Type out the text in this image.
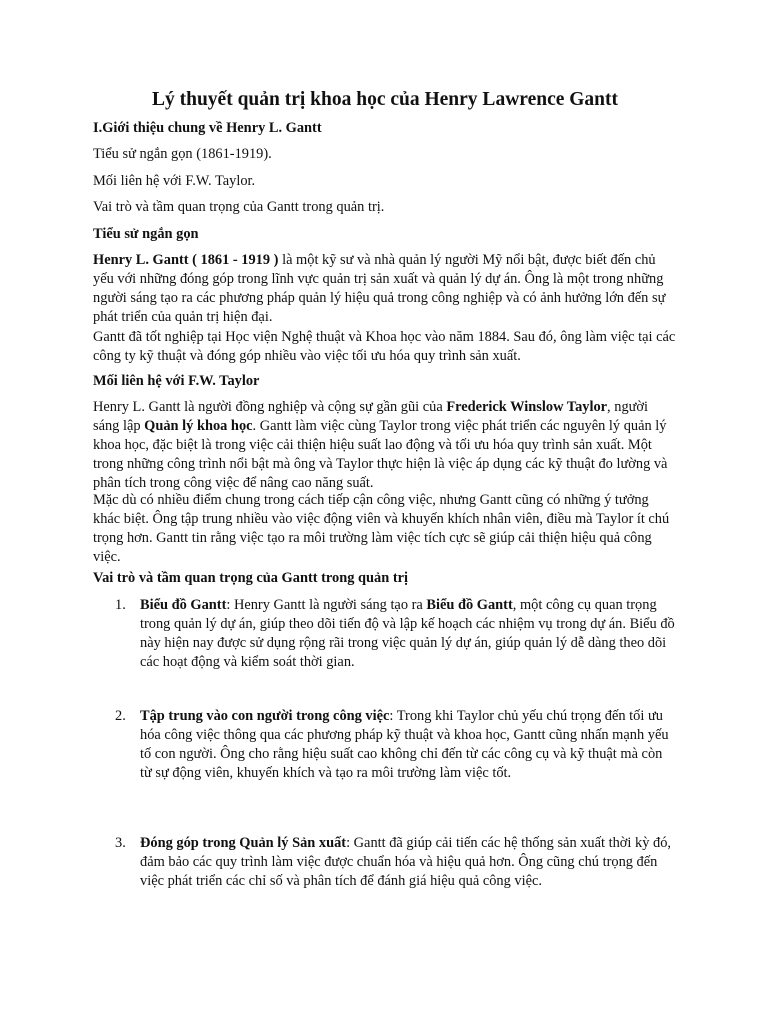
Lý thuyết quản trị khoa học của Henry Lawrence Gantt

I.Giới thiệu chung về Henry L. Gantt

Tiểu sử ngắn gọn (1861-1919).

Mối liên hệ với F.W. Taylor.

Vai trò và tầm quan trọng của Gantt trong quản trị.

Tiểu sử ngắn gọn

Henry L. Gantt ( 1861 - 1919 ) là một kỹ sư và nhà quản lý người Mỹ nổi bật, được biết đến chủ yếu với những đóng góp trong lĩnh vực quản trị sản xuất và quản lý dự án. Ông là một trong những người sáng tạo ra các phương pháp quản lý hiệu quả trong công nghiệp và có ảnh hưởng lớn đến sự phát triển của quản trị hiện đại.

Gantt đã tốt nghiệp tại Học viện Nghệ thuật và Khoa học vào năm 1884. Sau đó, ông làm việc tại các công ty kỹ thuật và đóng góp nhiều vào việc tối ưu hóa quy trình sản xuất.

Mối liên hệ với F.W. Taylor

Henry L. Gantt là người đồng nghiệp và cộng sự gần gũi của Frederick Winslow Taylor, người sáng lập Quản lý khoa học. Gantt làm việc cùng Taylor trong việc phát triển các nguyên lý quản lý khoa học, đặc biệt là trong việc cải thiện hiệu suất lao động và tối ưu hóa quy trình sản xuất. Một trong những công trình nổi bật mà ông và Taylor thực hiện là việc áp dụng các kỹ thuật đo lường và phân tích trong công việc để nâng cao năng suất.

Mặc dù có nhiều điểm chung trong cách tiếp cận công việc, nhưng Gantt cũng có những ý tưởng khác biệt. Ông tập trung nhiều vào việc động viên và khuyến khích nhân viên, điều mà Taylor ít chú trọng hơn. Gantt tin rằng việc tạo ra môi trường làm việc tích cực sẽ giúp cải thiện hiệu quả công việc.

Vai trò và tầm quan trọng của Gantt trong quản trị

1. Biểu đồ Gantt: Henry Gantt là người sáng tạo ra Biểu đồ Gantt, một công cụ quan trọng trong quản lý dự án, giúp theo dõi tiến độ và lập kế hoạch các nhiệm vụ trong dự án. Biểu đồ này hiện nay được sử dụng rộng rãi trong việc quản lý dự án, giúp quản lý dễ dàng theo dõi các hoạt động và kiểm soát thời gian.

2. Tập trung vào con người trong công việc: Trong khi Taylor chủ yếu chú trọng đến tối ưu hóa công việc thông qua các phương pháp kỹ thuật và khoa học, Gantt cũng nhấn mạnh yếu tố con người. Ông cho rằng hiệu suất cao không chỉ đến từ các công cụ và kỹ thuật mà còn từ sự động viên, khuyến khích và tạo ra môi trường làm việc tốt.

3. Đóng góp trong Quản lý Sản xuất: Gantt đã giúp cải tiến các hệ thống sản xuất thời kỳ đó, đảm bảo các quy trình làm việc được chuẩn hóa và hiệu quả hơn. Ông cũng chú trọng đến việc phát triển các chỉ số và phân tích để đánh giá hiệu quả công việc.
